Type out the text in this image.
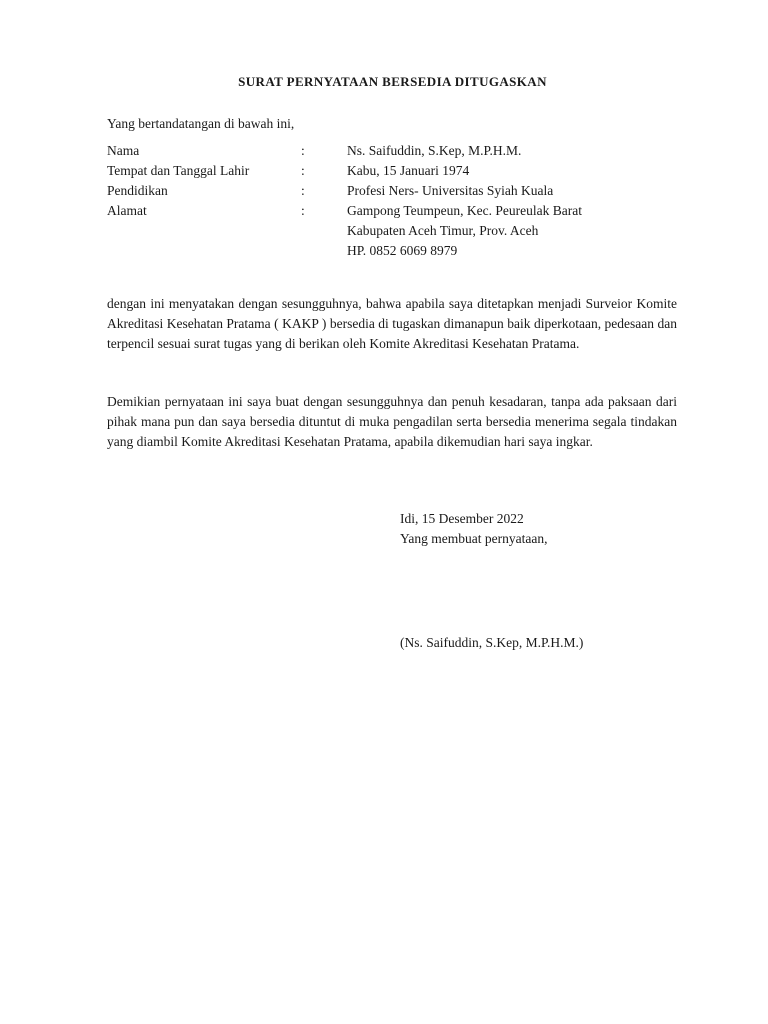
SURAT PERNYATAAN BERSEDIA DITUGASKAN
Yang bertandatangan di bawah ini,
Nama	:	Ns. Saifuddin, S.Kep, M.P.H.M.
Tempat dan Tanggal Lahir	:	Kabu, 15 Januari 1974
Pendidikan	:	Profesi Ners- Universitas Syiah Kuala
Alamat	:	Gampong Teumpeun, Kec. Peureulak Barat
Kabupaten Aceh Timur, Prov. Aceh
HP. 0852 6069 8979

dengan ini menyatakan dengan sesungguhnya, bahwa apabila saya ditetapkan menjadi Surveior Komite Akreditasi Kesehatan Pratama ( KAKP ) bersedia di tugaskan dimanapun baik diperkotaan, pedesaan dan terpencil sesuai surat tugas yang di berikan oleh Komite Akreditasi Kesehatan Pratama.

Demikian pernyataan ini saya buat dengan sesungguhnya dan penuh kesadaran, tanpa ada paksaan dari pihak mana pun dan saya bersedia dituntut di muka pengadilan serta bersedia menerima segala tindakan yang diambil Komite Akreditasi Kesehatan Pratama, apabila dikemudian hari saya ingkar.

Idi, 15 Desember 2022
Yang membuat pernyataan,
(Ns. Saifuddin, S.Kep, M.P.H.M.)
